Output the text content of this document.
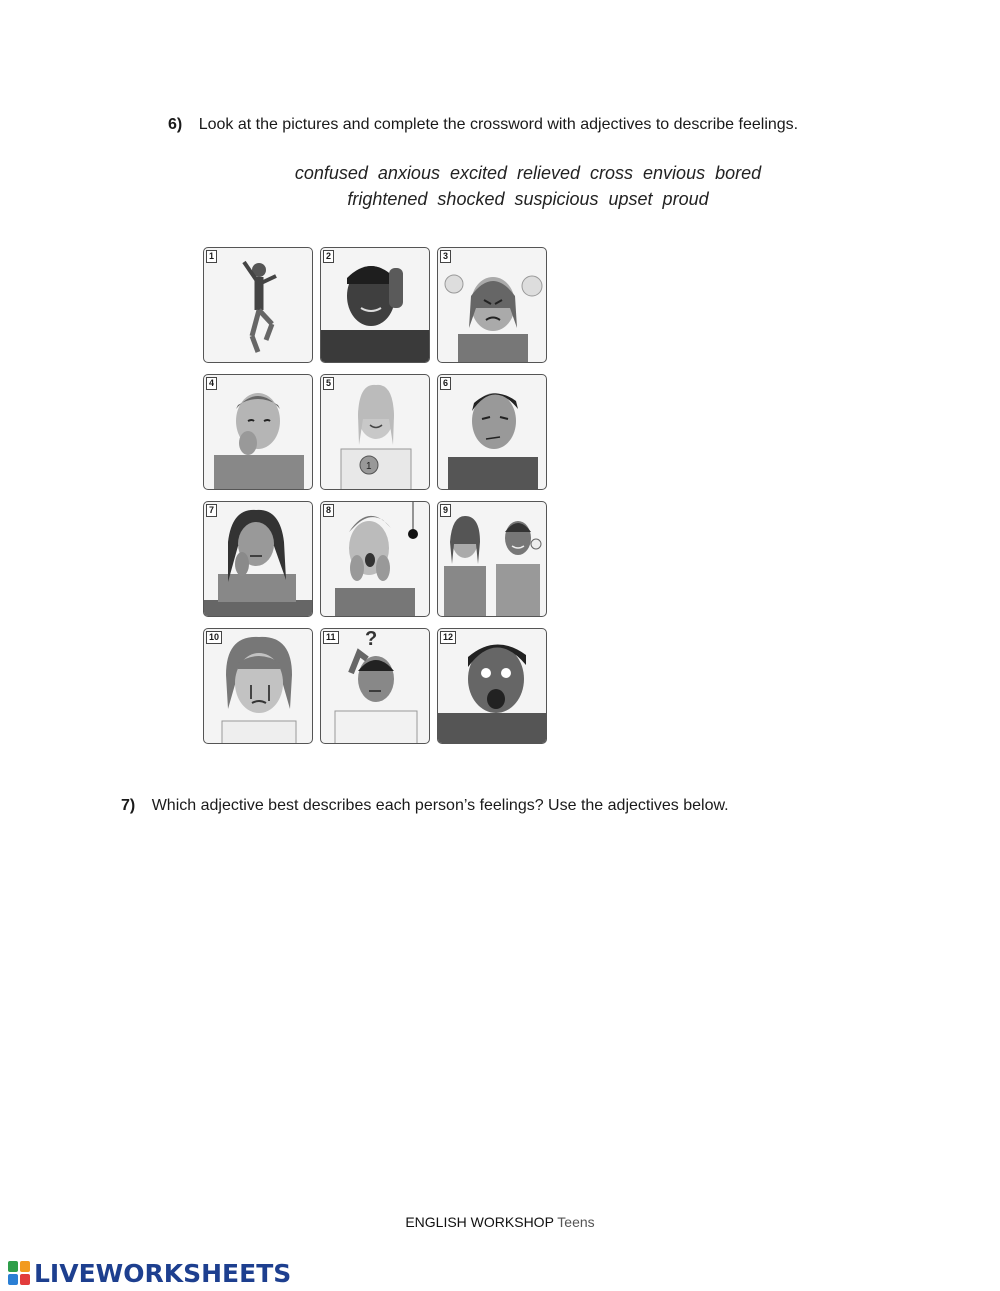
6) Look at the pictures and complete the crossword with adjectives to describe feelings.
confused  anxious  excited  relieved  cross  envious  bored
frightened  shocked  suspicious  upset  proud
1	2	3
4	5
1
6
7	8	9
10	11 ?	12
7) Which adjective best describes each person’s feelings? Use the adjectives below.
ENGLISH WORKSHOP Teens
LIVEWORKSHEETS
